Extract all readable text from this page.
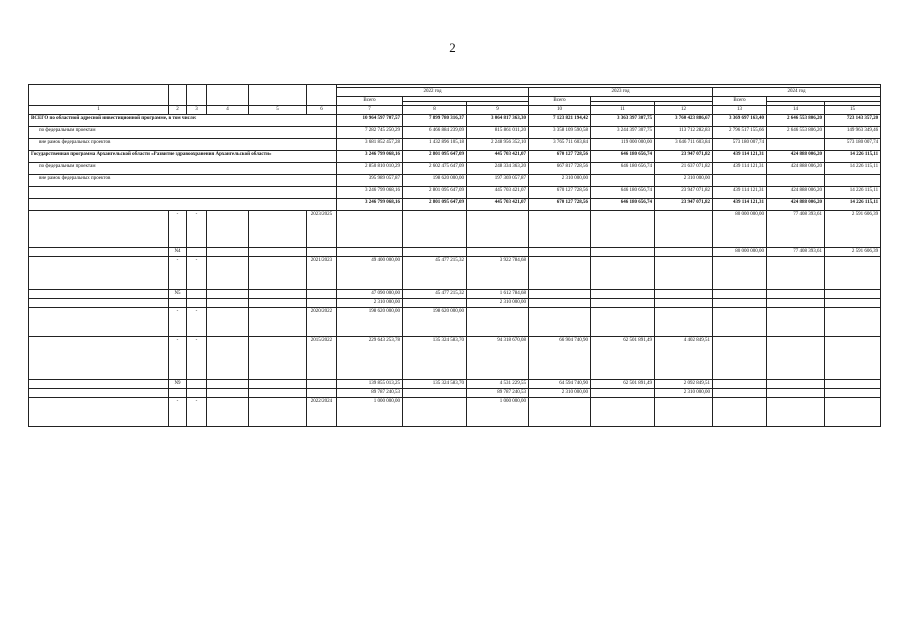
2

						2022 год			2023 год			2024 год		
						Всего			Всего			Всего		

1	2	3	4	5	6	7	8	9	10	11	12	13	14	15
ВСЕГО по областной адресной инвестиционной программе, в том числе:						10 964 597 707,57	7 899 780 316,37	3 064 817 363,30	7 123 821 194,42	3 363 397 307,75	3 760 423 886,67	3 369 697 163,40	2 646 553 806,20	723 143 357,20
по федеральным проектам						7 282 745 250,29	6 466 884 239,09	815 861 011,20	3 358 109 590,58	3 244 397 307,75	113 712 282,83	2 796 517 155,66	2 646 553 806,20	149 963 349,46
вне рамок федеральных проектов						3 681 852 457,28	1 432 896 105,18	2 248 956 352,10	3 765 711 603,84	119 000 000,00	3 646 711 603,84	573 180 007,74		573 180 007,74
Государственная программа Архангельской области «Развитие здравоохранения Архангельской области»						3 246 799 068,16	2 801 095 647,09	445 703 421,07	670 127 728,56	646 180 656,74	23 947 071,82	439 114 121,31	424 888 006,20	14 226 115,11
по федеральным проектам						2 850 810 010,29	2 602 475 647,09	248 334 363,20	667 817 728,56	646 180 656,74	21 637 071,82	439 114 121,31	424 888 006,20	14 226 115,11
вне рамок федеральных проектов						395 989 057,87	198 620 000,00	197 369 057,87	2 310 000,00		2 310 000,00			
						3 246 799 068,16	2 801 095 647,09	445 703 421,07	670 127 728,56	646 180 656,74	23 947 071,82	439 114 121,31	424 888 006,20	14 226 115,11
						3 246 799 068,16	2 801 095 647,09	445 703 421,07	670 127 728,56	646 180 656,74	23 947 071,82	439 114 121,31	424 888 006,20	14 226 115,11
	-	-			2023/2025							80 000 000,00	77 408 393,61	2 591 606,39
	N4											80 000 000,00	77 408 393,61	2 591 606,39
	-	-			2021/2023	49 400 000,00	45 477 215,32	3 922 784,68						
	N5					47 090 000,00	45 477 215,32	1 612 784,68						
						2 310 000,00		2 310 000,00						
	-	-			2020/2022	198 620 000,00	198 620 000,00							
	-	-			2015/2022	229 643 253,78	135 324 583,70	94 318 670,08	66 904 740,90	62 501 891,49	4 402 849,51			
	N9					139 855 013,25	135 324 583,70	4 531 229,55	64 594 740,90	62 501 891,49	2 092 849,51			
						89 787 240,53		89 787 240,53	2 310 000,00		2 310 000,00			
	-	-			2022/2024	1 000 000,00		1 000 000,00						
